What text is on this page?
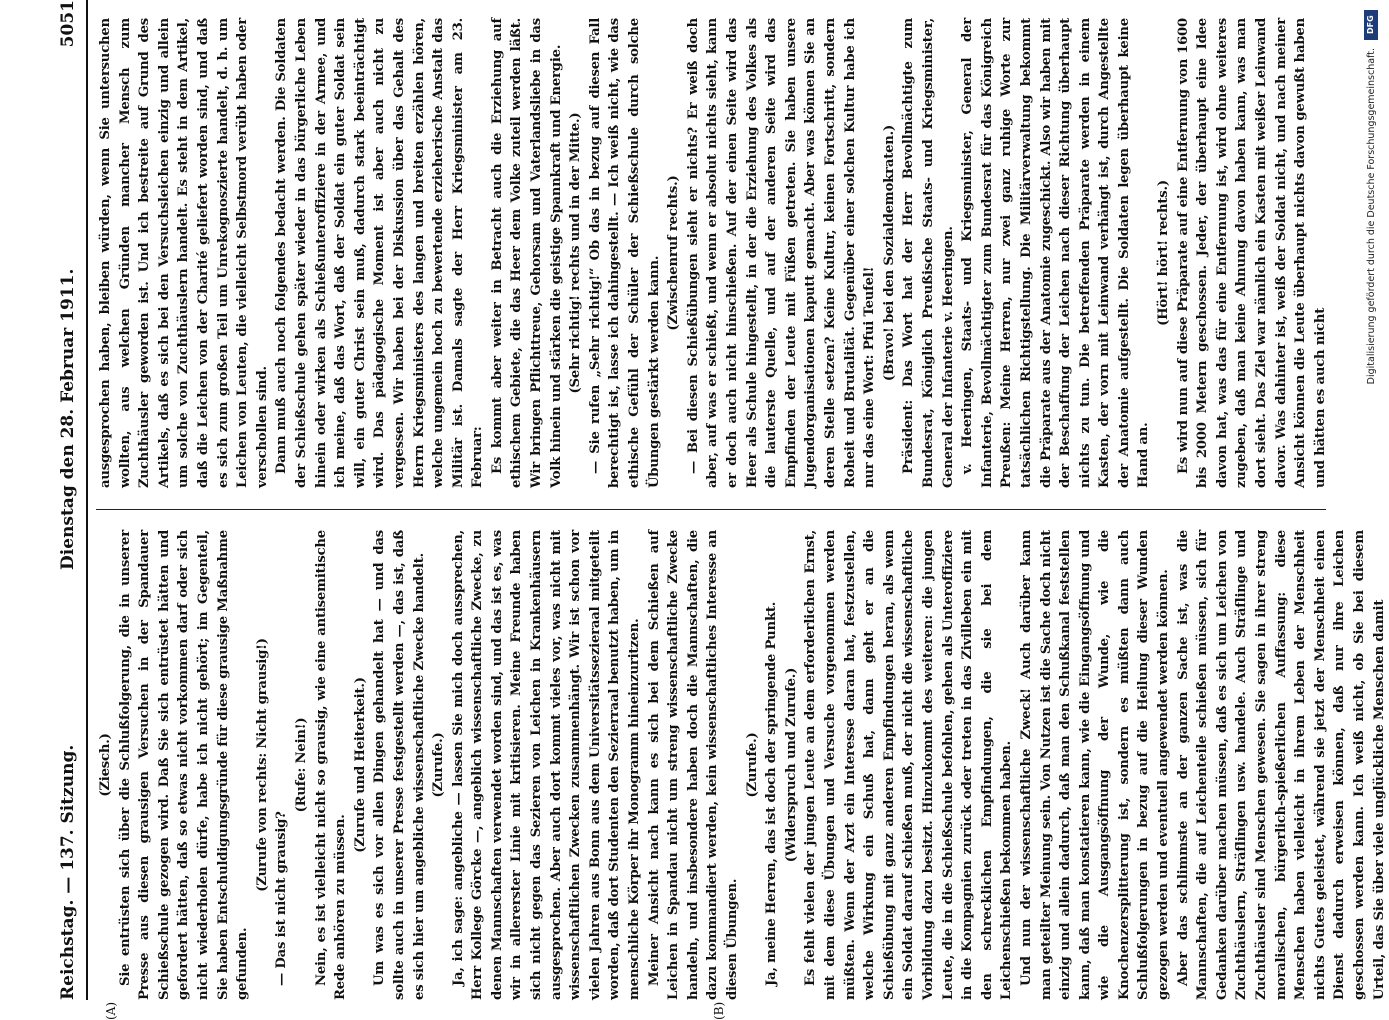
Reichstag. — 137. Sitzung.
Dienstag den 28. Februar 1911.
5051

(Ziesch.) Sie entrüsten sich über die Schlußfolgerung, die in unserer Presse aus diesen grausigen Versuchen in der Spandauer Schießschule gezogen wird. Daß Sie sich entrüstet hätten und gefordert hätten, daß so etwas nicht vorkommen darf oder sich nicht wiederholen dürfe, habe ich nicht gehört; im Gegenteil, Sie haben Entschuldigungsgründe für diese grausige Maßnahme gefunden.

(Zurufe von rechts: Nicht grausig!)

— Das ist nicht grausig?

(Rufe: Nein!) Nein, es ist vielleicht nicht so grausig, wie eine antisemitische Rede anhören zu müssen.

(Zurufe und Heiterkeit.) Um was es sich vor allen Dingen gehandelt hat — und das sollte auch in unserer Presse festgestellt werden —, das ist, daß es sich hier um angebliche wissenschaftliche Zwecke handelt. (Zurufe.) Ja, ich sage: angebliche — lassen Sie mich doch aussprechen, Herr Kollege Görcke —, angeblich wissenschaftliche Zwecke, zu denen Mannschaften verwendet worden sind, und das ist es, was wir in allererster Linie mit kritisieren. Meine Freunde haben sich nicht gegen das Sezieren von Leichen in Krankenhäusern ausgesprochen. Aber auch dort kommt vieles vor, was nicht mit wissenschaftlichen Zwecken zusammenhängt. Wir ist schon vor vielen Jahren aus Bonn aus dem Universitätssezieraal mitgeteilt worden, daß dort Studenten den Sezierraal benutzt haben, um in menschliche Körper ihr Monogramm hineinzuritzen. Meiner Ansicht nach kann es sich bei dem Schießen auf Leichen in Spandau nicht um streng wissenschaftliche Zwecke handeln, und insbesondere haben doch die Mannschaften, die dazu kommandiert werden, kein wissenschaftliches Interesse an diesen Übungen.

(Zurufe.) Ja, meine Herren, das ist doch der springende Punkt. (Widerspruch und Zurufe.) Es fehlt vielen der jungen Leute an dem erforderlichen Ernst, mit dem diese Übungen und Versuche vorgenommen werden müßten. Wenn der Arzt ein Interesse daran hat, festzustellen, welche Wirkung ein Schuß hat, dann geht er an die Schießübung mit ganz anderen Empfindungen heran, als wenn ein Soldat darauf schießen muß, der nicht die wissenschaftliche Vorbildung dazu besitzt. Hinzukommt des weiteren: die jungen Leute, die in die Schießschule befohlen, gehen als Unteroffiziere in die Kompagnien zurück oder treten in das Zivilleben ein mit den schrecklichen Empfindungen, die sie bei dem Leichenschießen bekommen haben. Und nun der wissenschaftliche Zweck! Auch darüber kann man geteilter Meinung sein. Von Nutzen ist die Sache doch nicht einzig und allein dadurch, daß man den Schußkanal feststellen kann, daß man konstatieren kann, wie die Eingangsöffnung und wie die Ausgangsöffnung der Wunde, wie die Knochenzersplitterung ist, sondern es müßten dann auch Schlußfolgerungen in bezug auf die Heilung dieser Wunden gezogen werden und eventuell angewendet werden können. Aber das schlimmste an der ganzen Sache ist, was die Mannschaften, die auf Leichenteile schießen müssen, sich für Gedanken darüber machen müssen, daß es sich um Leichen von Zuchthäuslern, Sträflingen usw. handele. Auch Sträflinge und Zuchthäusler sind Menschen gewesen. Sie sagen in ihrer streng moralischen, bürgerlich-spießerlichen Auffassung: diese Menschen haben vielleicht in ihrem Leben der Menschheit nichts Gutes geleistet, während sie jetzt der Menschheit einen Dienst dadurch erweisen können, daß nur ihre Leichen geschossen werden kann. Ich weiß nicht, ob Sie bei diesem Urteil, das Sie über viele unglückliche Menschen damit

ausgesprochen haben, bleiben würden, wenn Sie untersuchen wollten, aus welchen Gründen mancher Mensch zum Zuchthäusler geworden ist. Und ich bestreite auf Grund des Artikels, daß es sich bei den Versuchsleichen einzig und allein um solche von Zuchthäuslern handelt. Es steht in dem Artikel, daß die Leichen von der Charité geliefert worden sind, und daß es sich zum großen Teil um Unrekognoszierte handelt, d. h. um Leichen von Leuten, die vielleicht Selbstmord verübt haben oder verschollen sind. Dann muß auch noch folgendes bedacht werden. Die Soldaten der Schießschule gehen später wieder in das bürgerliche Leben hinein oder wirken als Schießunteroffiziere in der Armee, und ich meine, daß das Wort, daß der Soldat ein guter Soldat sein will, ein guter Christ sein muß, dadurch stark beeinträchtigt wird. Das pädagogische Moment ist aber auch nicht zu vergessen. Wir haben bei der Diskussion über das Gehalt des Herrn Kriegsministers des langen und breiten erzählen hören, welche ungemein hoch zu bewertende erzieherische Anstalt das Militär ist. Damals sagte der Herr Kriegsminister am 23. Februar: Es kommt aber weiter in Betracht auch die Erziehung auf ethischem Gebiete, die das Heer dem Volke zuteil werden läßt. Wir bringen Pflichttreue, Gehorsam und Vaterlandsliebe in das Volk hinein und stärken die geistige Spannkraft und Energie. (Sehr richtig! rechts und in der Mitte.) — Sie rufen „Sehr richtig!“ Ob das in bezug auf diesen Fall berechtigt ist, lasse ich dahingestellt. — Ich weiß nicht, wie das ethische Gefühl der Schüler der Schießschule durch solche Übungen gestärkt werden kann.

(Zwischenruf rechts.) — Bei diesen Schießübungen sieht er nichts? Er weiß doch aber, auf was er schießt, und wenn er absolut nichts sieht, kann er doch auch nicht hinschießen. Auf der einen Seite wird das Heer als Schule hingestellt, in der die Erziehung des Volkes als die lauterste Quelle, und auf der anderen Seite wird das Empfinden der Leute mit Füßen getreten. Sie haben unsere Jugendorganisationen kaputt gemacht. Aber was können Sie an deren Stelle setzen? Keine Kultur, keinen Fortschritt, sondern Roheit und Brutalität. Gegenüber einer solchen Kultur habe ich nur das eine Wort: Pfui Teufel! (Bravo! bei den Sozialdemokraten.) Präsident: Das Wort hat der Herr Bevollmächtigte zum Bundesrat, Königlich Preußische Staats- und Kriegsminister, General der Infanterie v. Heeringen. v. Heeringen, Staats- und Kriegsminister, General der Infanterie, Bevollmächtigter zum Bundesrat für das Königreich Preußen: Meine Herren, nur zwei ganz ruhige Worte zur tatsächlichen Richtigstellung. Die Militärverwaltung bekommt die Präparate aus der Anatomie zugeschickt. Also wir haben mit der Beschaffung der Leichen nach dieser Richtung überhaupt nichts zu tun. Die betreffenden Präparate werden in einem Kasten, der vorn mit Leinwand verhängt ist, durch Angestellte der Anatomie aufgestellt. Die Soldaten legen überhaupt keine Hand an.

(Hört! hört! rechts.) Es wird nun auf diese Präparate auf eine Entfernung von 1600 bis 2000 Metern geschossen. Jeder, der überhaupt eine Idee davon hat, was das für eine Entfernung ist, wird ohne weiteres zugeben, daß man keine Ahnung davon haben kann, was man dort sieht. Das Ziel war nämlich ein Kasten mit weißer Leinwand davor. Was dahinter ist, weiß der Soldat nicht, und nach meiner Ansicht können die Leute überhaupt nichts davon gewußt haben und hätten es auch nicht

(A)	(B)
DFG
Digitalisierung gefördert durch die Deutsche Forschungsgemeinschaft.
